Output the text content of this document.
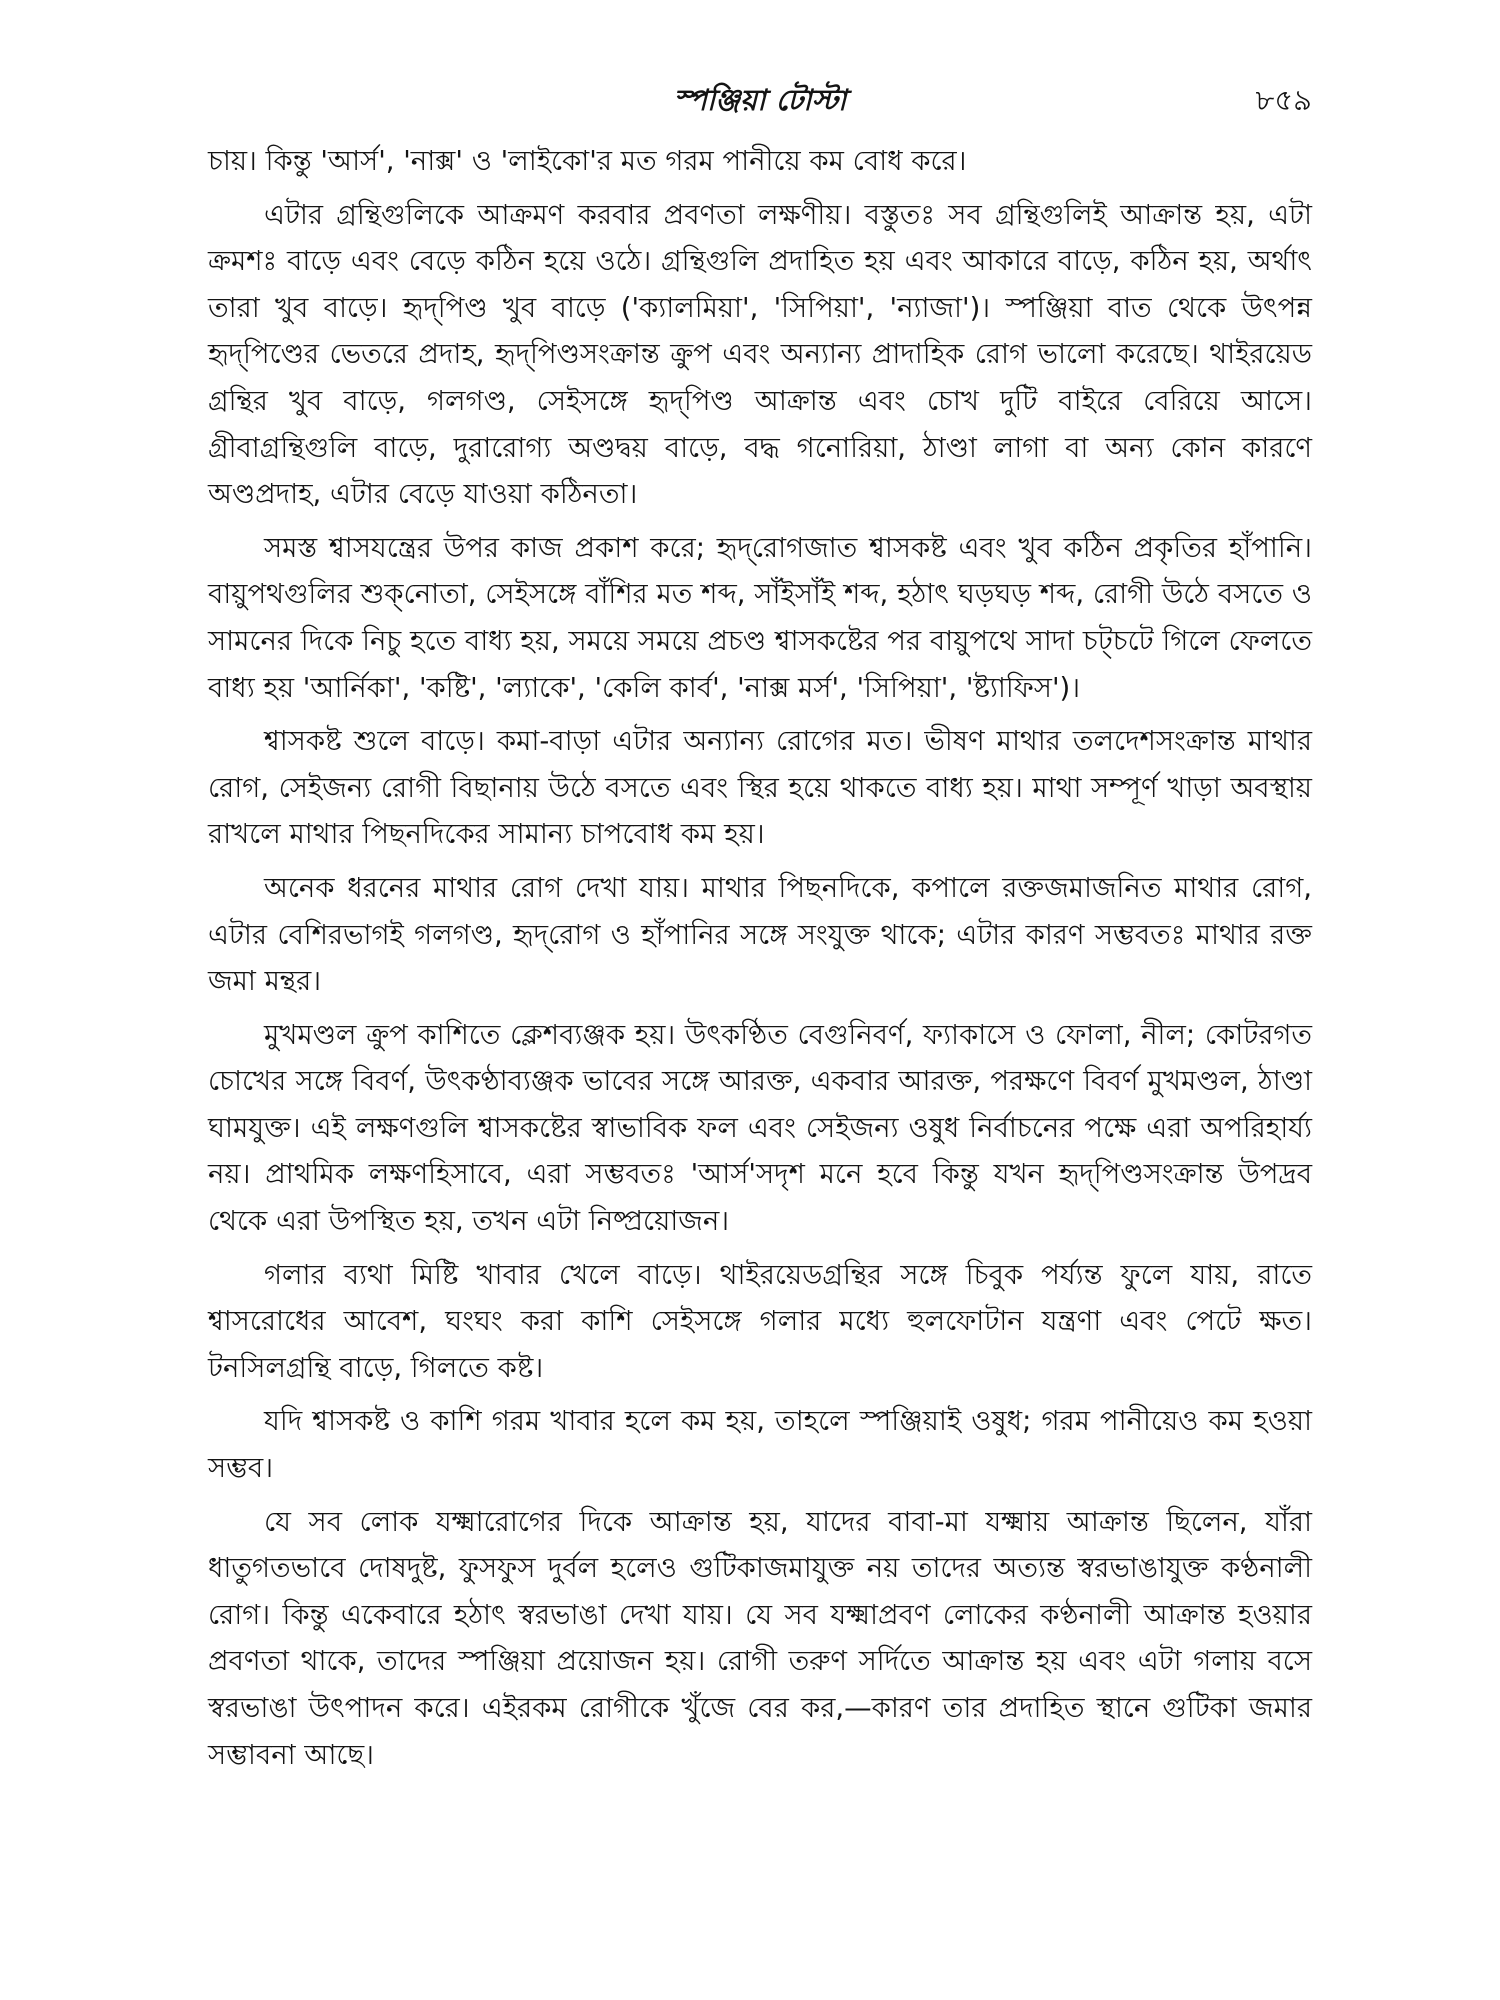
স্পঞ্জিয়া টোস্টা	৮৫৯

চায়। কিন্তু 'আর্স', 'নাক্স' ও 'লাইকো'র মত গরম পানীয়ে কম বোধ করে।

এটার গ্রন্থিগুলিকে আক্রমণ করবার প্রবণতা লক্ষণীয়। বস্তুতঃ সব গ্রন্থিগুলিই আক্রান্ত হয়, এটা ক্রমশঃ বাড়ে এবং বেড়ে কঠিন হয়ে ওঠে। গ্রন্থিগুলি প্রদাহিত হয় এবং আকারে বাড়ে, কঠিন হয়, অর্থাৎ তারা খুব বাড়ে। হৃদ্‌পিণ্ড খুব বাড়ে ('ক্যালমিয়া', 'সিপিয়া', 'ন্যাজা')। স্পঞ্জিয়া বাত থেকে উৎপন্ন হৃদ্‌পিণ্ডের ভেতরে প্রদাহ, হৃদ্‌পিণ্ডসংক্রান্ত ক্রুপ এবং অন্যান্য প্রাদাহিক রোগ ভালো করেছে। থাইরয়েড গ্রন্থির খুব বাড়ে, গলগণ্ড, সেইসঙ্গে হৃদ্‌পিণ্ড আক্রান্ত এবং চোখ দুটি বাইরে বেরিয়ে আসে। গ্রীবাগ্রন্থিগুলি বাড়ে, দুরারোগ্য অণ্ডদ্বয় বাড়ে, বদ্ধ গনোরিয়া, ঠাণ্ডা লাগা বা অন্য কোন কারণে অণ্ডপ্রদাহ, এটার বেড়ে যাওয়া কঠিনতা।

সমস্ত শ্বাসযন্ত্রের উপর কাজ প্রকাশ করে; হৃদ্‌রোগজাত শ্বাসকষ্ট এবং খুব কঠিন প্রকৃতির হাঁপানি। বায়ুপথগুলির শুক্‌নোতা, সেইসঙ্গে বাঁশির মত শব্দ, সাঁইসাঁই শব্দ, হঠাৎ ঘড়ঘড় শব্দ, রোগী উঠে বসতে ও সামনের দিকে নিচু হতে বাধ্য হয়, সময়ে সময়ে প্রচণ্ড শ্বাসকষ্টের পর বায়ুপথে সাদা চট্‌চটে গিলে ফেলতে বাধ্য হয় 'আর্নিকা', 'কষ্টি', 'ল্যাকে', 'কেলি কার্ব', 'নাক্স মর্স', 'সিপিয়া', 'ষ্ট্যাফিস')।

শ্বাসকষ্ট শুলে বাড়ে। কমা-বাড়া এটার অন্যান্য রোগের মত। ভীষণ মাথার তলদেশসংক্রান্ত মাথার রোগ, সেইজন্য রোগী বিছানায় উঠে বসতে এবং স্থির হয়ে থাকতে বাধ্য হয়। মাথা সম্পূর্ণ খাড়া অবস্থায় রাখলে মাথার পিছনদিকের সামান্য চাপবোধ কম হয়।

অনেক ধরনের মাথার রোগ দেখা যায়। মাথার পিছনদিকে, কপালে রক্তজমাজনিত মাথার রোগ, এটার বেশিরভাগই গলগণ্ড, হৃদ্‌রোগ ও হাঁপানির সঙ্গে সংযুক্ত থাকে; এটার কারণ সম্ভবতঃ মাথার রক্ত জমা মন্থর।

মুখমণ্ডল ক্রুপ কাশিতে ক্লেশব্যঞ্জক হয়। উৎকণ্ঠিত বেগুনিবর্ণ, ফ্যাকাসে ও ফোলা, নীল; কোটরগত চোখের সঙ্গে বিবর্ণ, উৎকণ্ঠাব্যঞ্জক ভাবের সঙ্গে আরক্ত, একবার আরক্ত, পরক্ষণে বিবর্ণ মুখমণ্ডল, ঠাণ্ডা ঘামযুক্ত। এই লক্ষণগুলি শ্বাসকষ্টের স্বাভাবিক ফল এবং সেইজন্য ওষুধ নির্বাচনের পক্ষে এরা অপরিহার্য্য নয়। প্রাথমিক লক্ষণহিসাবে, এরা সম্ভবতঃ 'আর্স'সদৃশ মনে হবে কিন্তু যখন হৃদ্‌পিণ্ডসংক্রান্ত উপদ্রব থেকে এরা উপস্থিত হয়, তখন এটা নিষ্প্রয়োজন।

গলার ব্যথা মিষ্টি খাবার খেলে বাড়ে। থাইরয়েডগ্রন্থির সঙ্গে চিবুক পর্য্যন্ত ফুলে যায়, রাতে শ্বাসরোধের আবেশ, ঘংঘং করা কাশি সেইসঙ্গে গলার মধ্যে হুলফোটান যন্ত্রণা এবং পেটে ক্ষত। টনসিলগ্রন্থি বাড়ে, গিলতে কষ্ট।

যদি শ্বাসকষ্ট ও কাশি গরম খাবার হলে কম হয়, তাহলে স্পঞ্জিয়াই ওষুধ; গরম পানীয়েও কম হওয়া সম্ভব।

যে সব লোক যক্ষ্মারোগের দিকে আক্রান্ত হয়, যাদের বাবা-মা যক্ষ্মায় আক্রান্ত ছিলেন, যাঁরা ধাতুগতভাবে দোষদুষ্ট, ফুসফুস দুর্বল হলেও গুটিকাজমাযুক্ত নয় তাদের অত্যন্ত স্বরভাঙাযুক্ত কণ্ঠনালী রোগ। কিন্তু একেবারে হঠাৎ স্বরভাঙা দেখা যায়। যে সব যক্ষ্মাপ্রবণ লোকের কণ্ঠনালী আক্রান্ত হওয়ার প্রবণতা থাকে, তাদের স্পঞ্জিয়া প্রয়োজন হয়। রোগী তরুণ সর্দিতে আক্রান্ত হয় এবং এটা গলায় বসে স্বরভাঙা উৎপাদন করে। এইরকম রোগীকে খুঁজে বের কর,—কারণ তার প্রদাহিত স্থানে গুটিকা জমার সম্ভাবনা আছে।
